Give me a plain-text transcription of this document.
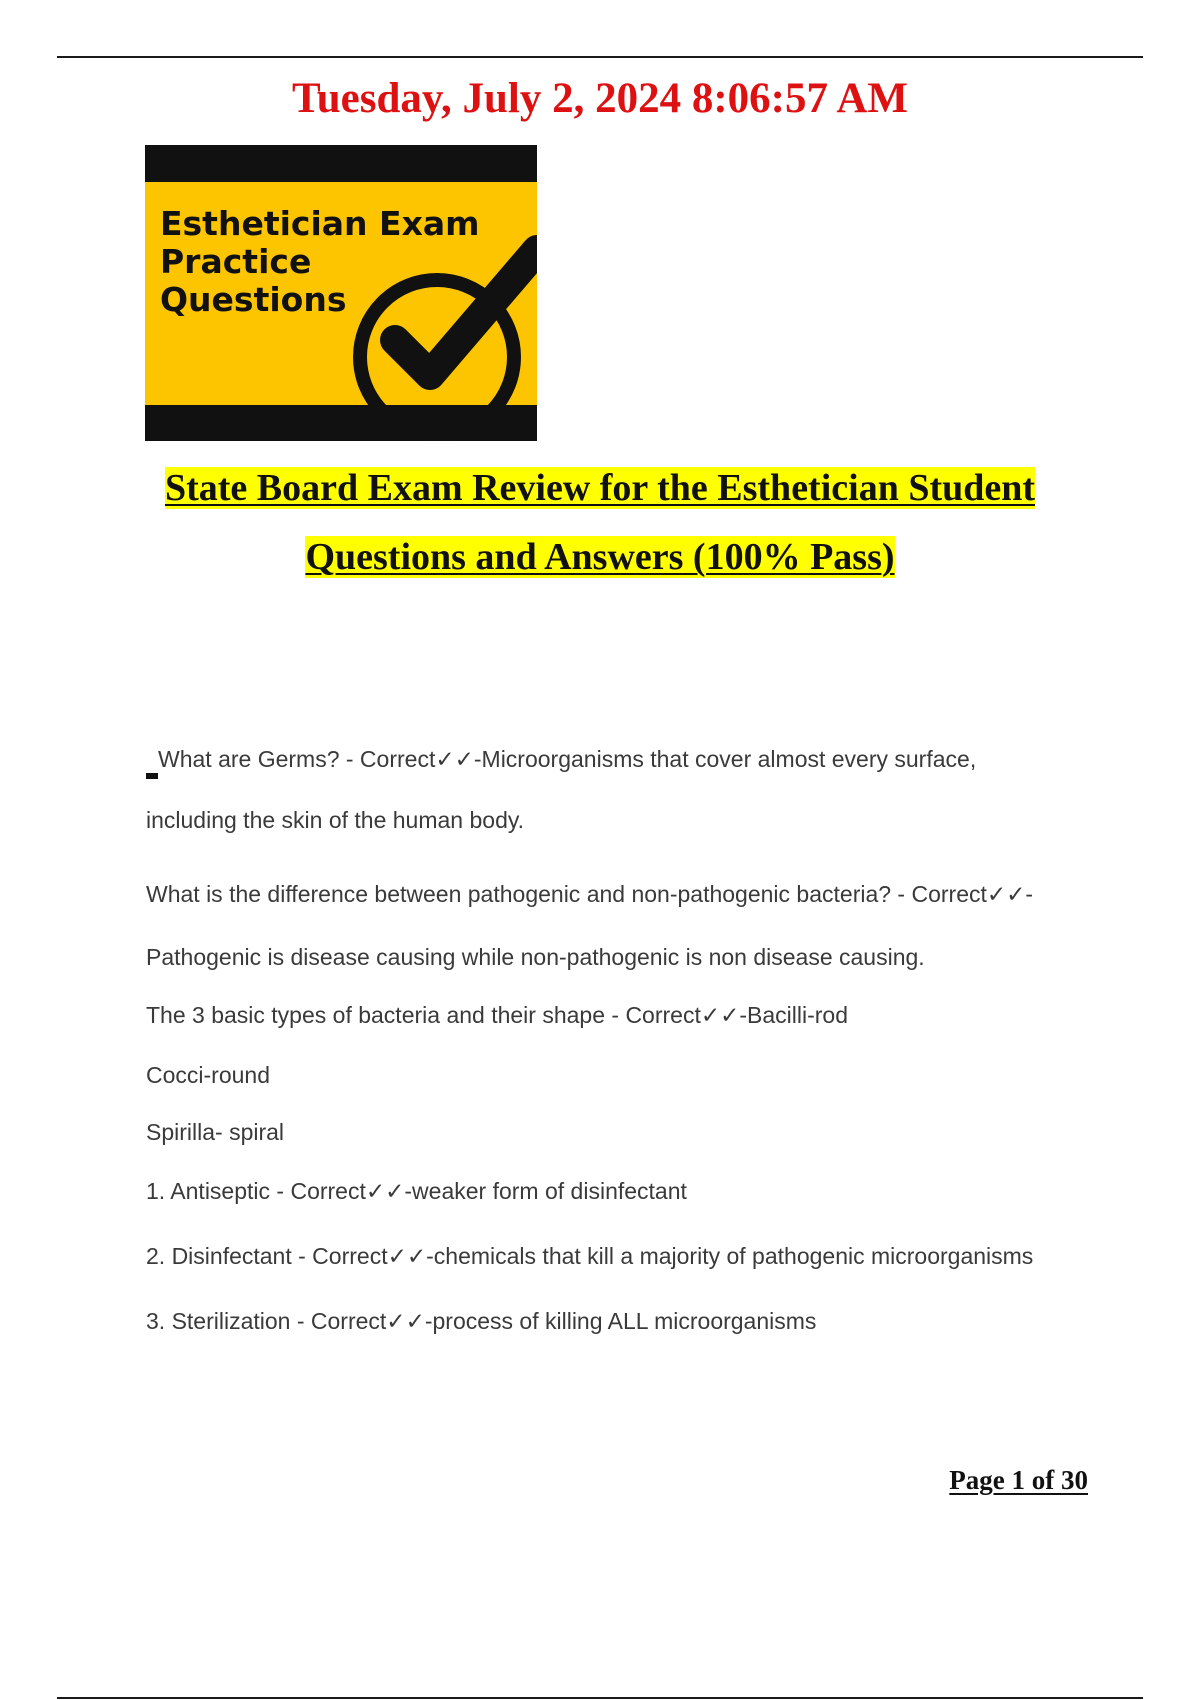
Tuesday, July 2, 2024 8:06:57 AM
Esthetician Exam
Practice
Questions
State Board Exam Review for the Esthetician Student
Questions and Answers (100% Pass)
What are Germs? - Correct✓✓-Microorganisms that cover almost every surface,
including the skin of the human body.
What is the difference between pathogenic and non-pathogenic bacteria? - Correct✓✓-
Pathogenic is disease causing while non-pathogenic is non disease causing.
The 3 basic types of bacteria and their shape - Correct✓✓-Bacilli-rod
Cocci-round
Spirilla- spiral
1. Antiseptic - Correct✓✓-weaker form of disinfectant
2. Disinfectant - Correct✓✓-chemicals that kill a majority of pathogenic microorganisms
3. Sterilization - Correct✓✓-process of killing ALL microorganisms
Page 1 of 30
